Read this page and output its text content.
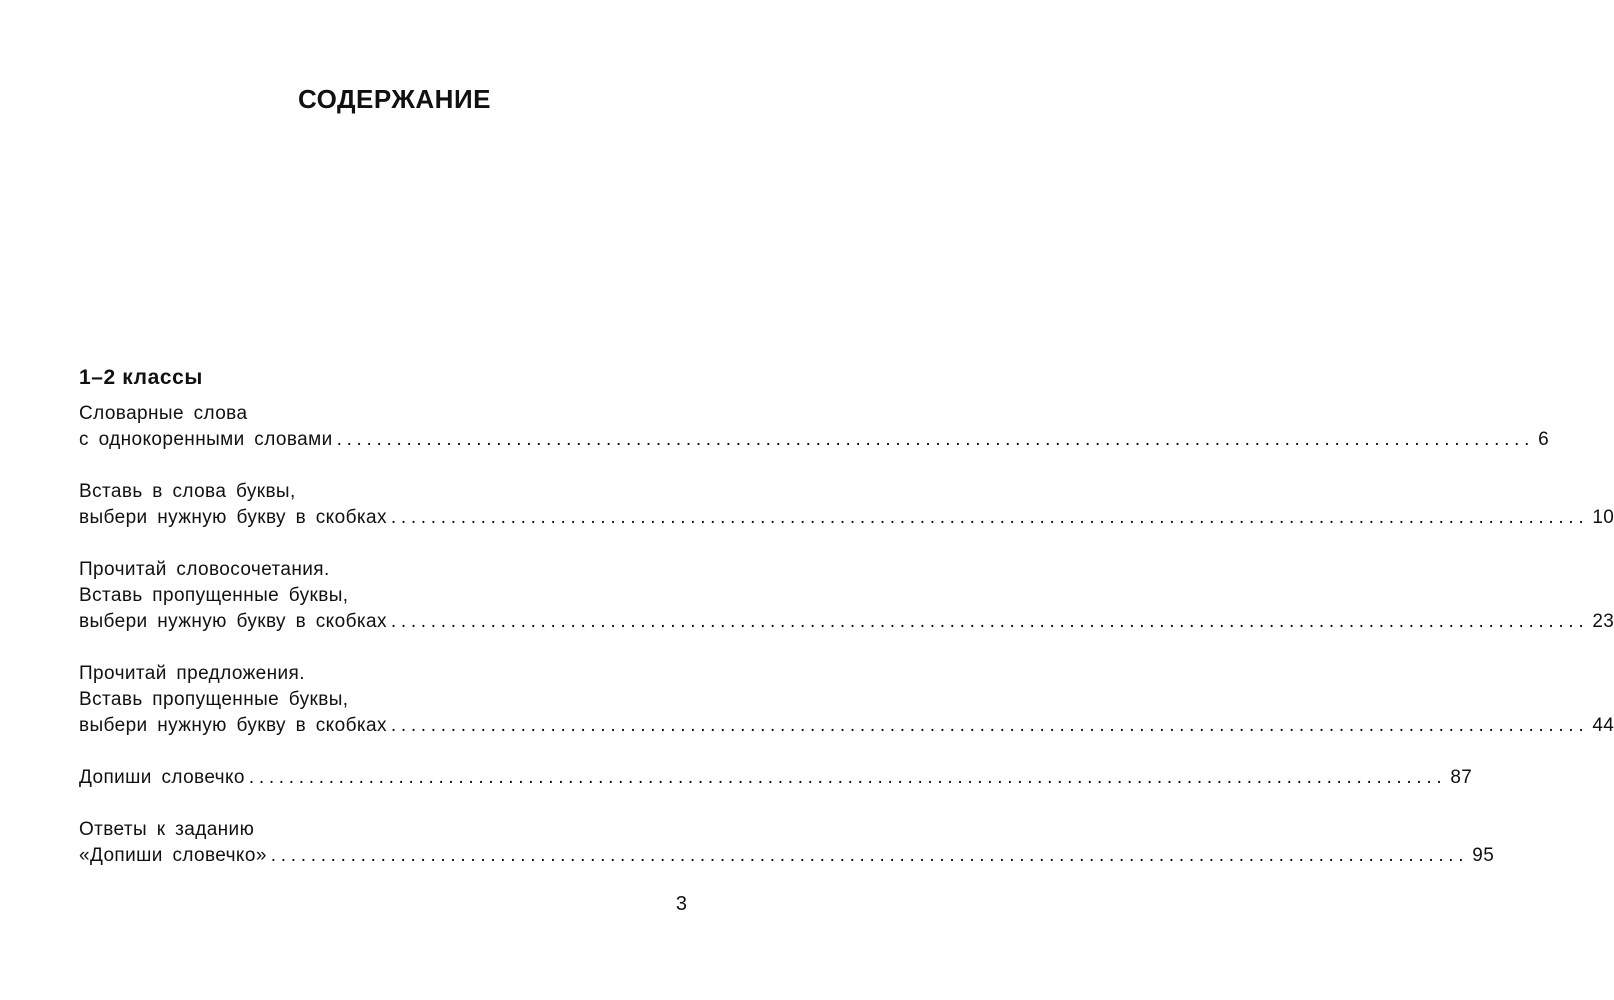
СОДЕРЖАНИЕ
1–2 классы
Словарные слова
с однокоренными словами ........................................................................................................................ 6
Вставь в слова буквы,
выбери нужную букву в скобках ........................................................................................................................ 10
Прочитай словосочетания.
Вставь пропущенные буквы,
выбери нужную букву в скобках ........................................................................................................................ 23
Прочитай предложения.
Вставь пропущенные буквы,
выбери нужную букву в скобках ........................................................................................................................ 44
Допиши словечко ........................................................................................................................ 87
Ответы к заданию
«Допиши словечко» ........................................................................................................................ 95
3
